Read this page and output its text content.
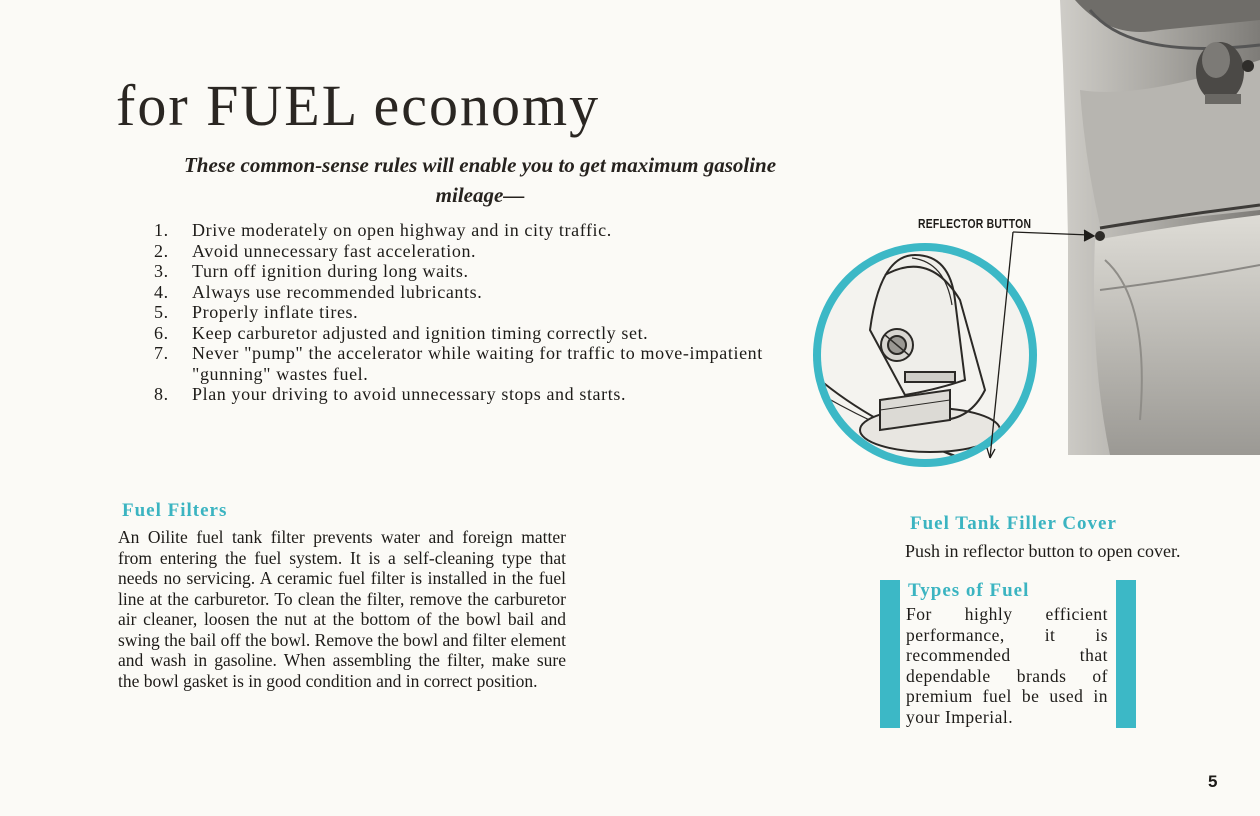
for FUEL economy
These common-sense rules will enable you to get maximum gasoline mileage—
1.	Drive moderately on open highway and in city traffic.
2.	Avoid unnecessary fast acceleration.
3.	Turn off ignition during long waits.
4.	Always use recommended lubricants.
5.	Properly inflate tires.
6.	Keep carburetor adjusted and ignition timing correctly set.
7.	Never "pump" the accelerator while waiting for traffic to move-impatient "gunning" wastes fuel.
8.	Plan your driving to avoid unnecessary stops and starts.
Fuel Filters
An Oilite fuel tank filter prevents water and foreign matter from entering the fuel system. It is a self-cleaning type that needs no servicing. A ceramic fuel filter is installed in the fuel line at the carburetor. To clean the filter, remove the carburetor air cleaner, loosen the nut at the bottom of the bowl bail and swing the bail off the bowl. Remove the bowl and filter element and wash in gasoline. When assembling the filter, make sure the bowl gasket is in good condition and in correct position.
REFLECTOR BUTTON
Fuel Tank Filler Cover
Push in reflector button to open cover.
Types of Fuel
For highly efficient performance, it is recommended that dependable brands of premium fuel be used in your Imperial.
5
